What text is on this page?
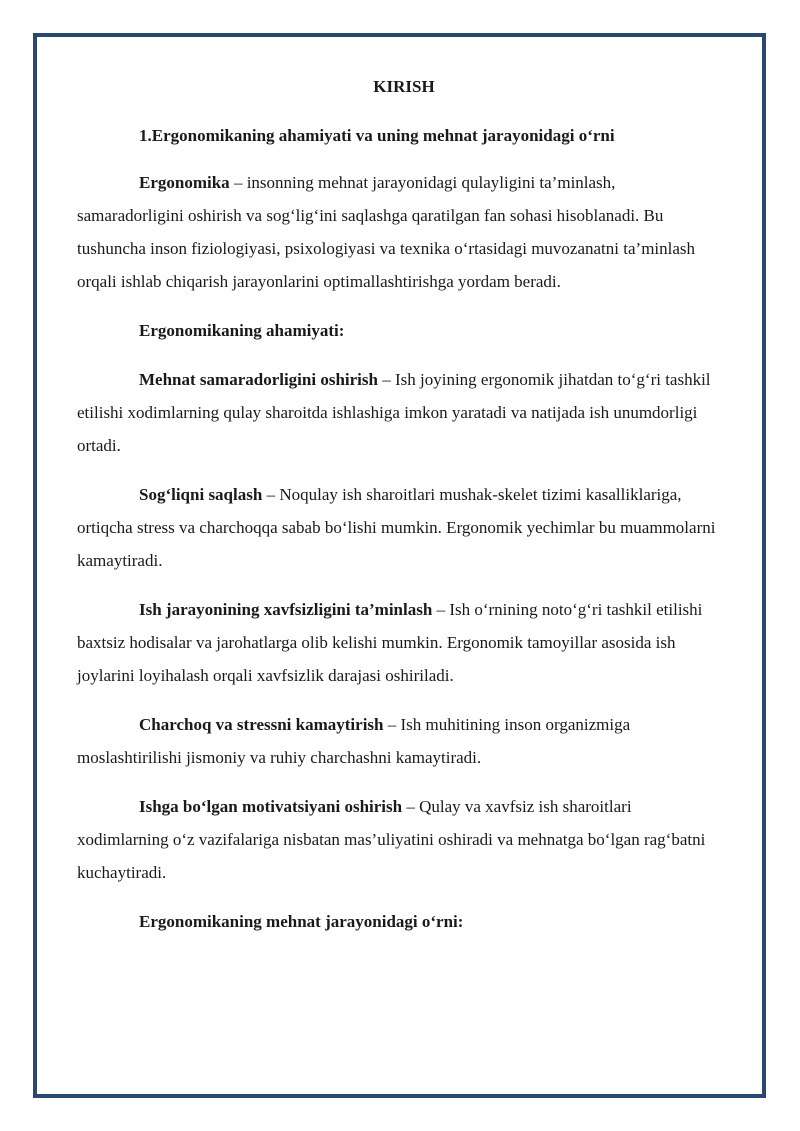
KIRISH

1.Ergonomikaning ahamiyati va uning mehnat jarayonidagi o‘rni

Ergonomika – insonning mehnat jarayonidagi qulayligini ta’minlash, samaradorligini oshirish va sog‘lig‘ini saqlashga qaratilgan fan sohasi hisoblanadi. Bu tushuncha inson fiziologiyasi, psixologiyasi va texnika o‘rtasidagi muvozanatni ta’minlash orqali ishlab chiqarish jarayonlarini optimallashtirishga yordam beradi.

Ergonomikaning ahamiyati:

Mehnat samaradorligini oshirish – Ish joyining ergonomik jihatdan to‘g‘ri tashkil etilishi xodimlarning qulay sharoitda ishlashiga imkon yaratadi va natijada ish unumdorligi ortadi.

Sog‘liqni saqlash – Noqulay ish sharoitlari mushak-skelet tizimi kasalliklariga, ortiqcha stress va charchoqqa sabab bo‘lishi mumkin. Ergonomik yechimlar bu muammolarni kamaytiradi.

Ish jarayonining xavfsizligini ta’minlash – Ish o‘rnining noto‘g‘ri tashkil etilishi baxtsiz hodisalar va jarohatlarga olib kelishi mumkin. Ergonomik tamoyillar asosida ish joylarini loyihalash orqali xavfsizlik darajasi oshiriladi.

Charchoq va stressni kamaytirish – Ish muhitining inson organizmiga moslashtirilishi jismoniy va ruhiy charchashni kamaytiradi.

Ishga bo‘lgan motivatsiyani oshirish – Qulay va xavfsiz ish sharoitlari xodimlarning o‘z vazifalariga nisbatan mas’uliyatini oshiradi va mehnatga bo‘lgan rag‘batni kuchaytiradi.

Ergonomikaning mehnat jarayonidagi o‘rni:
